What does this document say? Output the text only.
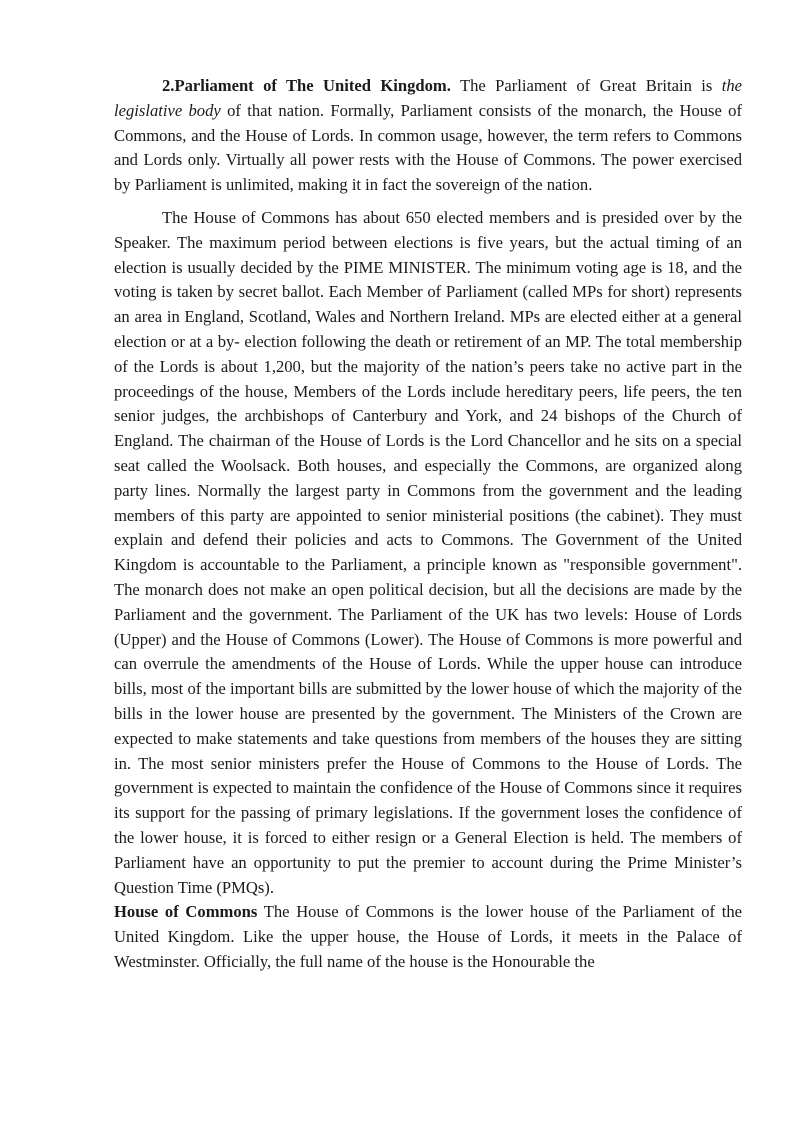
2.Parliament of The United Kingdom. The Parliament of Great Britain is the legislative body of that nation. Formally, Parliament consists of the monarch, the House of Commons, and the House of Lords. In common usage, however, the term refers to Commons and Lords only. Virtually all power rests with the House of Commons. The power exercised by Parliament is unlimited, making it in fact the sovereign of the nation.

The House of Commons has about 650 elected members and is presided over by the Speaker. The maximum period between elections is five years, but the actual timing of an election is usually decided by the PIME MINISTER. The minimum voting age is 18, and the voting is taken by secret ballot. Each Member of Parliament (called MPs for short) represents an area in England, Scotland, Wales and Northern Ireland. MPs are elected either at a general election or at a by- election following the death or retirement of an MP. The total membership of the Lords is about 1,200, but the majority of the nation’s peers take no active part in the proceedings of the house, Members of the Lords include hereditary peers, life peers, the ten senior judges, the archbishops of Canterbury and York, and 24 bishops of the Church of England. The chairman of the House of Lords is the Lord Chancellor and he sits on a special seat called the Woolsack. Both houses, and especially the Commons, are organized along party lines. Normally the largest party in Commons from the government and the leading members of this party are appointed to senior ministerial positions (the cabinet). They must explain and defend their policies and acts to Commons. The Government of the United Kingdom is accountable to the Parliament, a principle known as "responsible government". The monarch does not make an open political decision, but all the decisions are made by the Parliament and the government. The Parliament of the UK has two levels: House of Lords (Upper) and the House of Commons (Lower). The House of Commons is more powerful and can overrule the amendments of the House of Lords. While the upper house can introduce bills, most of the important bills are submitted by the lower house of which the majority of the bills in the lower house are presented by the government. The Ministers of the Crown are expected to make statements and take questions from members of the houses they are sitting in. The most senior ministers prefer the House of Commons to the House of Lords. The government is expected to maintain the confidence of the House of Commons since it requires its support for the passing of primary legislations. If the government loses the confidence of the lower house, it is forced to either resign or a General Election is held. The members of Parliament have an opportunity to put the premier to account during the Prime Minister’s Question Time (PMQs).

House of Commons The House of Commons is the lower house of the Parliament of the United Kingdom. Like the upper house, the House of Lords, it meets in the Palace of Westminster. Officially, the full name of the house is the Honourable the
